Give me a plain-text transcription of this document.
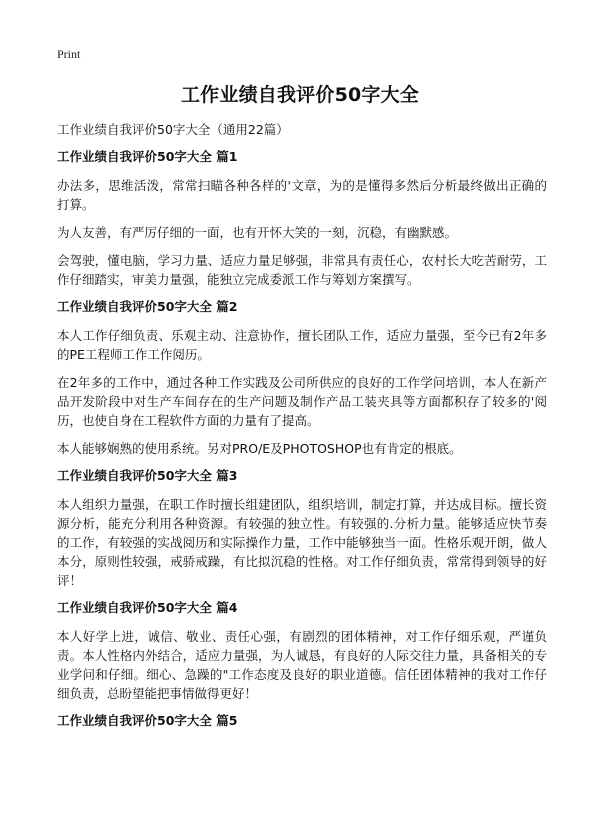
Print
工作业绩自我评价50字大全

工作业绩自我评价50字大全（通用22篇）

工作业绩自我评价50字大全 篇1

办法多，思维活泼，常常扫瞄各种各样的'文章，为的是懂得多然后分析最终做出正确的打算。

为人友善，有严厉仔细的一面，也有开怀大笑的一刻，沉稳，有幽默感。

会驾驶，懂电脑，学习力量、适应力量足够强，非常具有责任心，农村长大吃苦耐劳，工作仔细踏实，审美力量强，能独立完成委派工作与筹划方案撰写。

工作业绩自我评价50字大全 篇2

本人工作仔细负责、乐观主动、注意协作，擅长团队工作，适应力量强，至今已有2年多的PE工程师工作工作阅历。

在2年多的工作中，通过各种工作实践及公司所供应的良好的工作学问培训，本人在新产品开发阶段中对生产车间存在的生产问题及制作产品工装夹具等方面都积存了较多的'阅历，也使自身在工程软件方面的力量有了提高。

本人能够娴熟的使用系统。另对PRO/E及PHOTOSHOP也有肯定的根底。

工作业绩自我评价50字大全 篇3

本人组织力量强，在职工作时擅长组建团队，组织培训，制定打算，并达成目标。擅长资源分析，能充分利用各种资源。有较强的独立性。有较强的.分析力量。能够适应快节奏的工作，有较强的实战阅历和实际操作力量，工作中能够独当一面。性格乐观开朗，做人本分，原则性较强，戒骄戒躁，有比拟沉稳的性格。对工作仔细负责，常常得到领导的好评！

工作业绩自我评价50字大全 篇4

本人好学上进，诚信、敬业、责任心强，有剧烈的团体精神，对工作仔细乐观，严谨负责。本人性格内外结合，适应力量强，为人诚恳，有良好的人际交往力量，具备相关的专业学问和仔细。细心、急躁的"工作态度及良好的职业道德。信任团体精神的我对工作仔细负责，总盼望能把事情做得更好！

工作业绩自我评价50字大全 篇5
